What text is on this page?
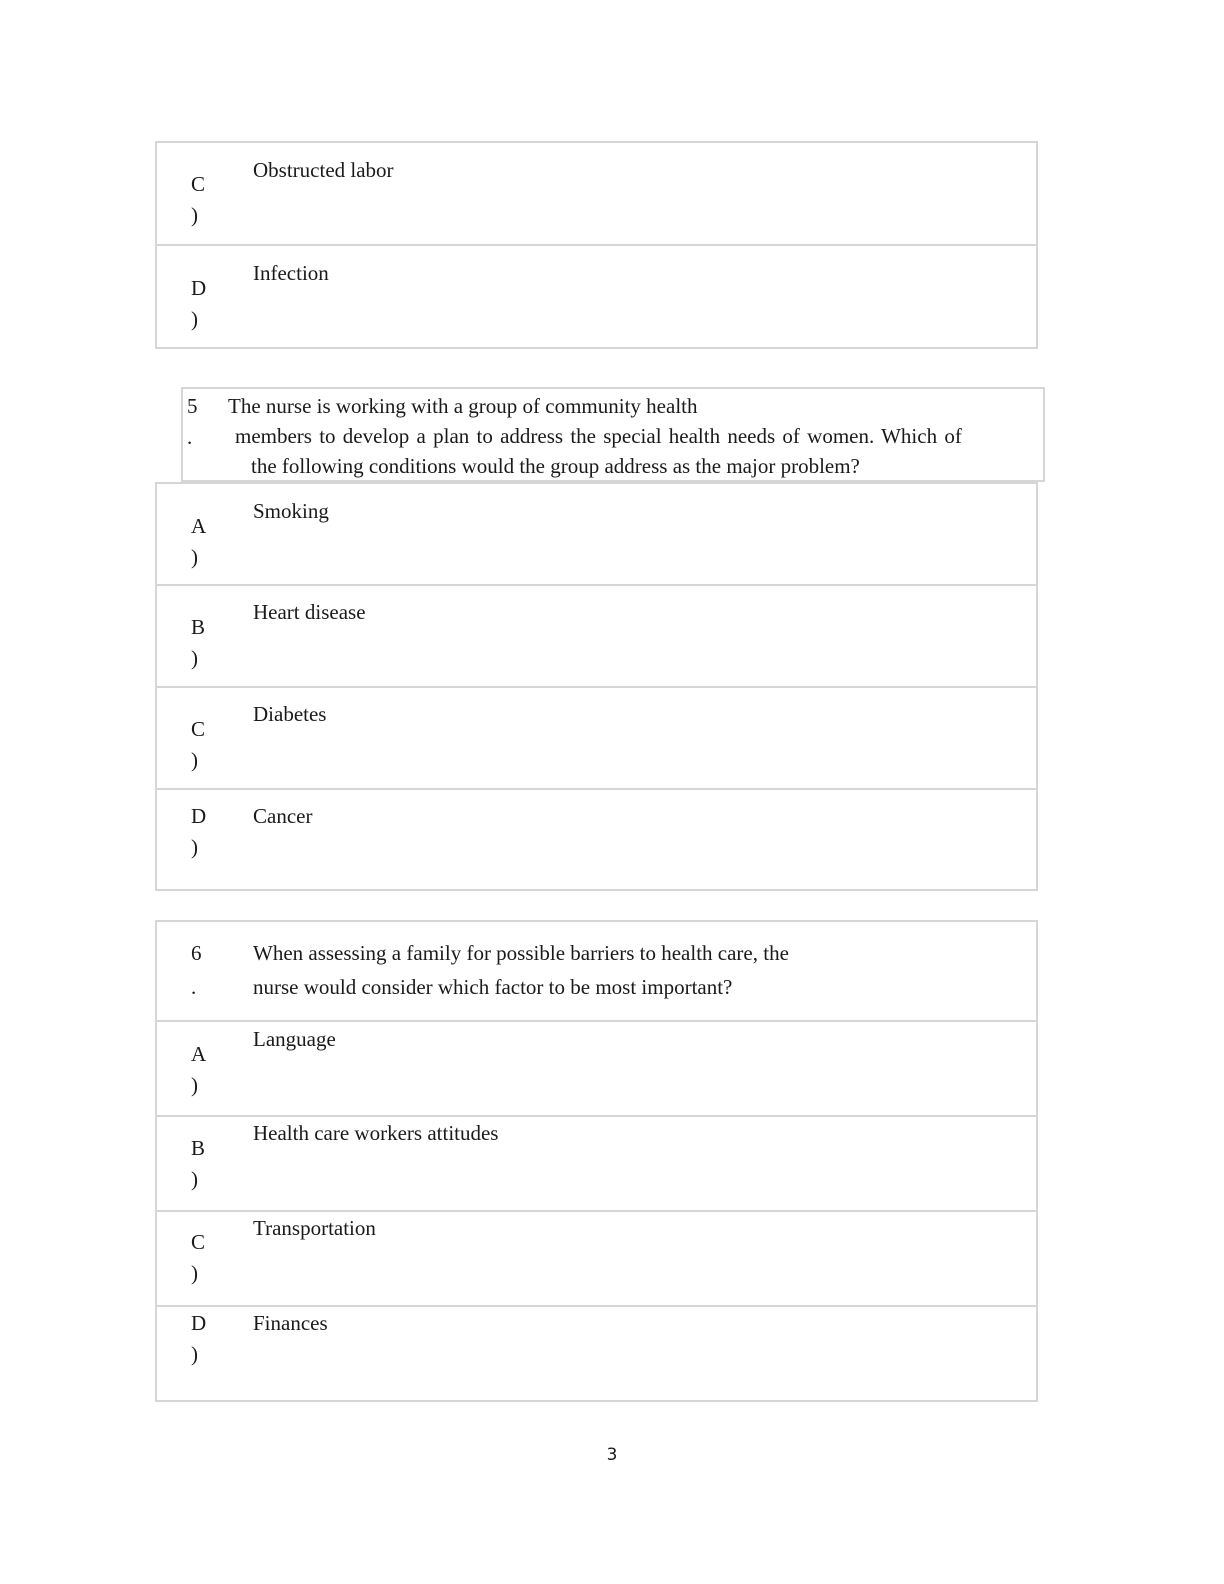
C
)
Obstructed labor
D
)
Infection
5
.
The nurse is working with a group of community health
members to develop a plan to address the special health needs of women. Which of
the following conditions would the group address as the major problem?
A
)
Smoking
B
)
Heart disease
C
)
Diabetes
D
)
Cancer
6
.
When assessing a family for possible barriers to health care, the
nurse would consider which factor to be most important?
A
)
Language
B
)
Health care workers attitudes
C
)
Transportation
D
)
Finances
3
